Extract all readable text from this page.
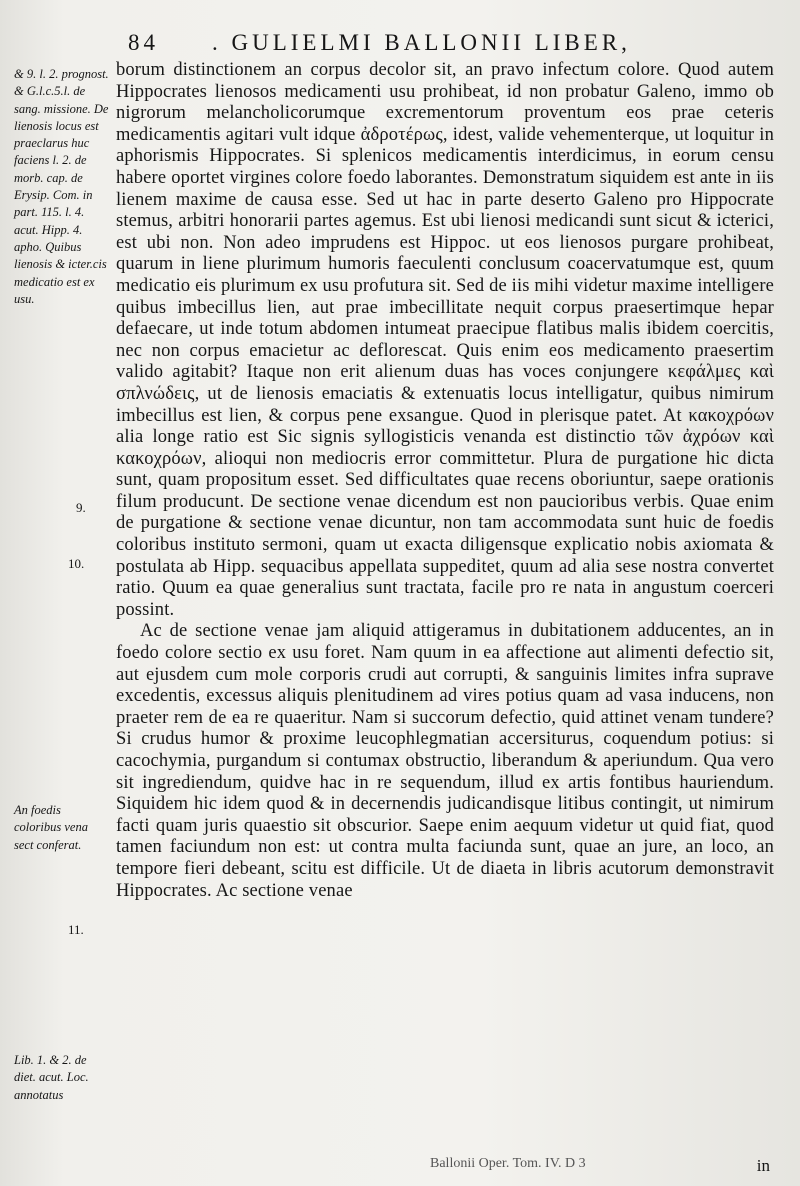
84 . GULIELMI BALLONII LIBER,
& 9. l. 2. prognost. & G.l.c.5.l. de sang. missione. De lienosis locus est praeclarus huc faciens l. 2. de morb. cap. de Erysip. Com. in part. 115. l. 4. acut. Hipp. 4. apho. Quibus lienosis & icter.cis medicatio est ex usu.
9.
10.
An foedis coloribus vena sect conferat.
11.
Lib. 1. & 2. de diet. acut. Loc. annotatus

borum distinctionem an corpus decolor sit, an pravo infectum colore. Quod autem Hippocrates lienosos medicamenti usu prohibeat, id non probatur Galeno, immo ob nigrorum melancholicorumque excrementorum proventum eos prae ceteris medicamentis agitari vult idque ἀδροτέρως, idest, valide vehementerque, ut loquitur in aphorismis Hippocrates. Si splenicos medicamentis interdicimus, in eorum censu habere oportet virgines colore foedo laborantes. Demonstratum siquidem est ante in iis lienem maxime de causa esse. Sed ut hac in parte deserto Galeno pro Hippocrate stemus, arbitri honorarii partes agemus. Est ubi lienosi medicandi sunt sicut & icterici, est ubi non. Non adeo imprudens est Hippoc. ut eos lienosos purgare prohibeat, quarum in liene plurimum humoris faeculenti conclusum coacervatumque est, quum medicatio eis plurimum ex usu profutura sit. Sed de iis mihi videtur maxime intelligere quibus imbecillus lien, aut prae imbecillitate nequit corpus praesertimque hepar defaecare, ut inde totum abdomen intumeat praecipue flatibus malis ibidem coercitis, nec non corpus emacietur ac deflorescat. Quis enim eos medicamento praesertim valido agitabit? Itaque non erit alienum duas has voces conjungere κεφάλμες καὶ σπλνώδεις, ut de lienosis emaciatis & extenuatis locus intelligatur, quibus nimirum imbecillus est lien, & corpus pene exsangue. Quod in plerisque patet. At κακοχρόων alia longe ratio est Sic signis syllogisticis venanda est distinctio τῶν ἀχρόων καὶ κακοχρόων, alioqui non mediocris error committetur. Plura de purgatione hic dicta sunt, quam propositum esset. Sed difficultates quae recens oboriuntur, saepe orationis filum producunt. De sectione venae dicendum est non paucioribus verbis. Quae enim de purgatione & sectione venae dicuntur, non tam accommodata sunt huic de foedis coloribus instituto sermoni, quam ut exacta diligensque explicatio nobis axiomata & postulata ab Hipp. sequacibus appellata suppeditet, quum ad alia sese nostra convertet ratio. Quum ea quae generalius sunt tractata, facile pro re nata in angustum coerceri possint.

Ac de sectione venae jam aliquid attigeramus in dubitationem adducentes, an in foedo colore sectio ex usu foret. Nam quum in ea affectione aut alimenti defectio sit, aut ejusdem cum mole corporis crudi aut corrupti, & sanguinis limites infra suprave excedentis, excessus aliquis plenitudinem ad vires potius quam ad vasa inducens, non praeter rem de ea re quaeritur. Nam si succorum defectio, quid attinet venam tundere? Si crudus humor & proxime leucophlegmatian accersiturus, coquendum potius: si cacochymia, purgandum si contumax obstructio, liberandum & aperiundum. Qua vero sit ingrediendum, quidve hac in re sequendum, illud ex artis fontibus hauriendum. Siquidem hic idem quod & in decernendis judicandisque litibus contingit, ut nimirum facti quam juris quaestio sit obscurior. Saepe enim aequum videtur ut quid fiat, quod tamen faciundum non est: ut contra multa faciunda sunt, quae an jure, an loco, an tempore fieri debeant, scitu est difficile. Ut de diaeta in libris acutorum demonstravit Hippocrates. Ac sectione venae

Ballonii Oper. Tom. IV. D 3	in
